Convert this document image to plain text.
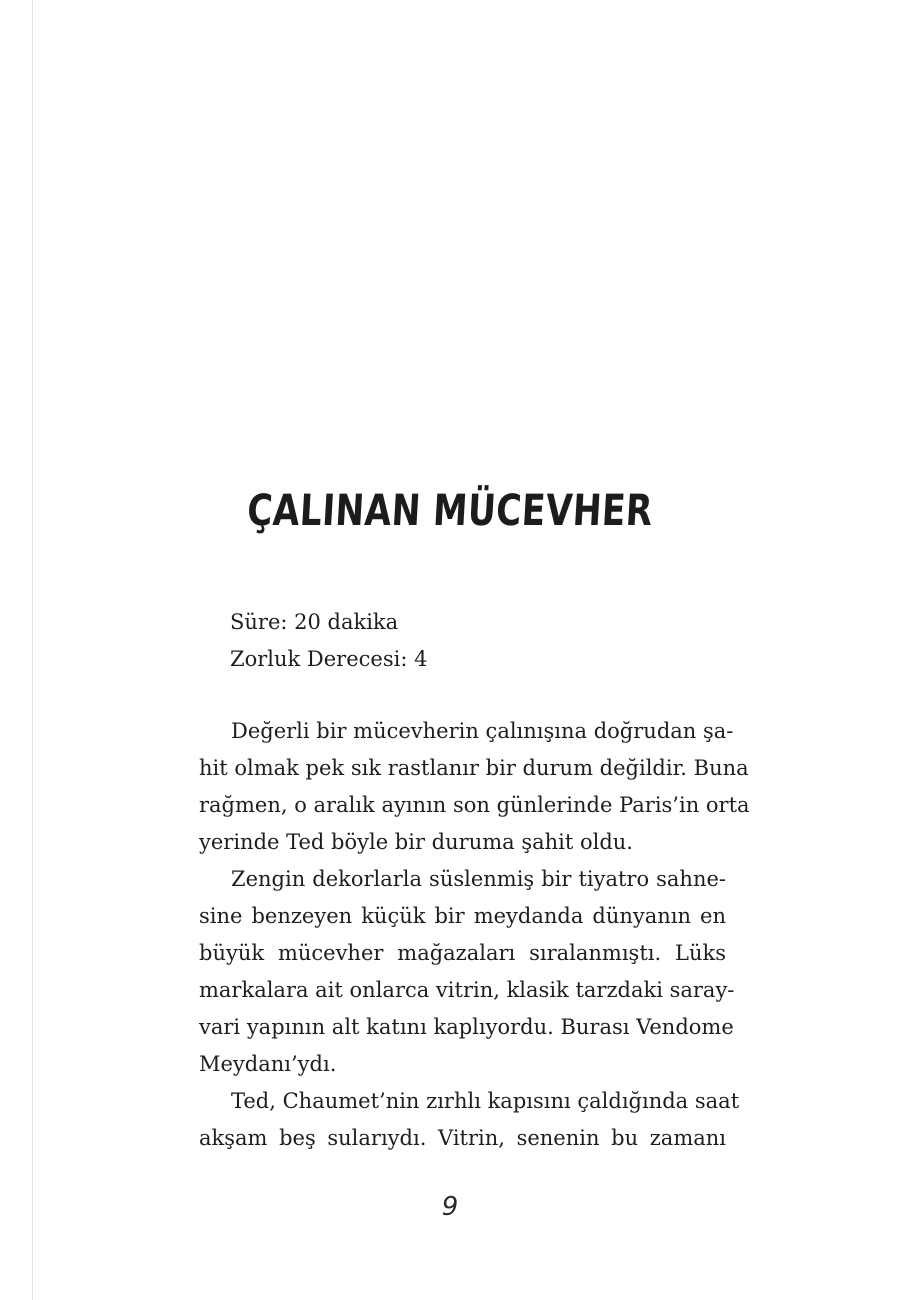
ÇALINAN MÜCEVHER
Süre: 20 dakika
Zorluk Derecesi: 4
Değerli bir mücevherin çalınışına doğrudan şa-
hit olmak pek sık rastlanır bir durum değildir. Buna
rağmen, o aralık ayının son günlerinde Paris’in orta
yerinde Ted böyle bir duruma şahit oldu.
Zengin dekorlarla süslenmiş bir tiyatro sahne-
sine benzeyen küçük bir meydanda dünyanın en
büyük mücevher mağazaları sıralanmıştı. Lüks
markalara ait onlarca vitrin, klasik tarzdaki saray-
vari yapının alt katını kaplıyordu. Burası Vendome
Meydanı’ydı.
Ted, Chaumet’nin zırhlı kapısını çaldığında saat
akşam beş sularıydı. Vitrin, senenin bu zamanı
9
